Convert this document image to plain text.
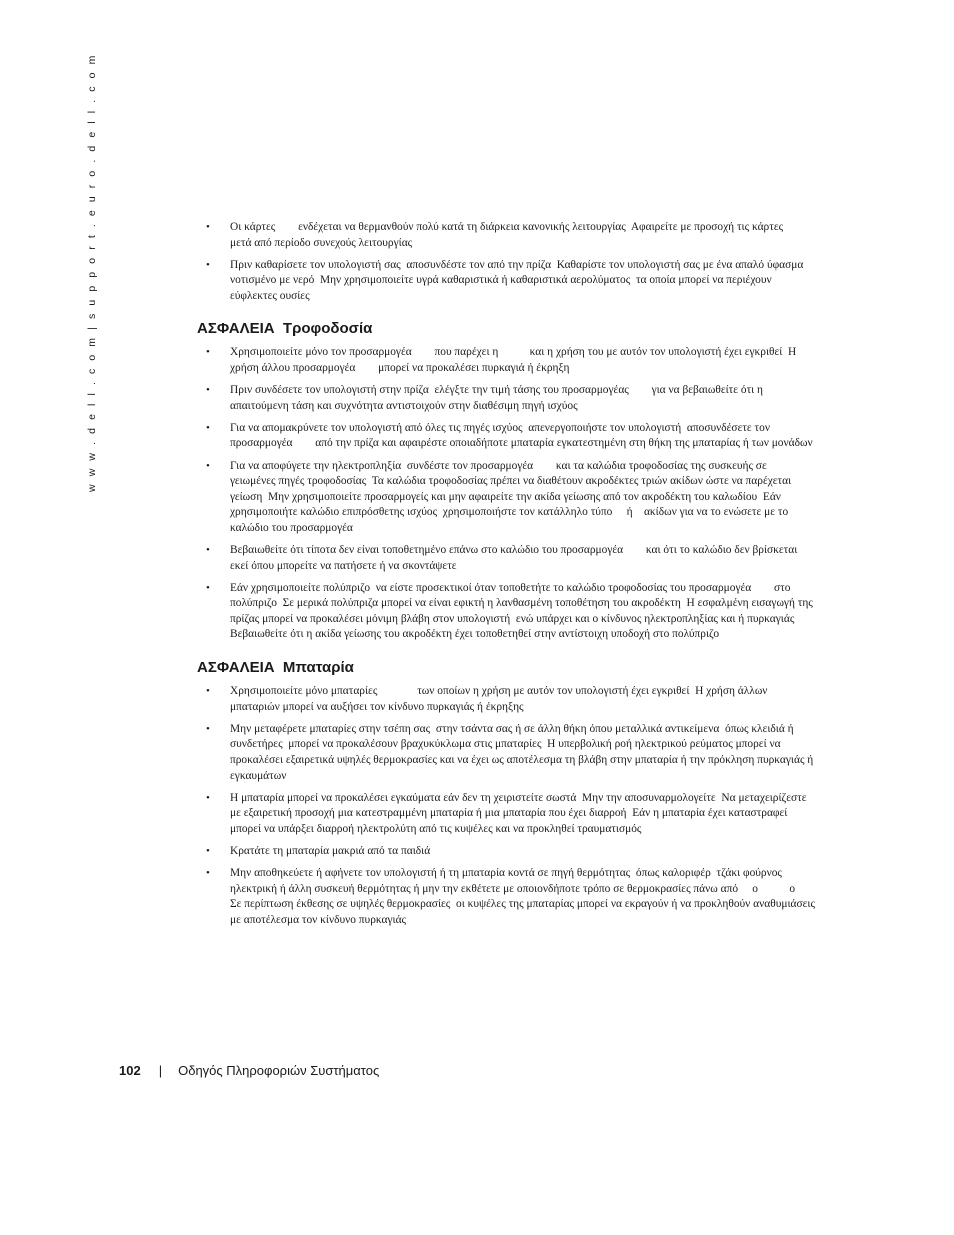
w w w . d e l l . c o m | s u p p o r t . e u r o . d e l l . c o m	• Οι κάρτες        ενδέχεται να θερμανθούν πολύ κατά τη διάρκεια κανονικής λειτουργίας  Αφαιρείτε με προσοχή τις κάρτες        μετά από περίοδο συνεχούς λειτουργίας
• Πριν καθαρίσετε τον υπολογιστή σας  αποσυνδέστε τον από την πρίζα  Καθαρίστε τον υπολογιστή σας με ένα απαλό ύφασμα  νοτισμένο με νερό  Μην χρησιμοποιείτε υγρά καθαριστικά ή καθαριστικά αερολύματος  τα οποία μπορεί να περιέχουν εύφλεκτες ουσίες
ΑΣΦΑΛΕΙΑ  Τροφοδοσία
• Χρησιμοποιείτε μόνο τον προσαρμογέα        που παρέχει η           και η χρήση του με αυτόν τον υπολογιστή έχει εγκριθεί  Η χρήση άλλου προσαρμογέα        μπορεί να προκαλέσει πυρκαγιά ή έκρηξη
• Πριν συνδέσετε τον υπολογιστή στην πρίζα  ελέγξτε την τιμή τάσης του προσαρμογέας        για να βεβαιωθείτε ότι η απαιτούμενη τάση και συχνότητα αντιστοιχούν στην διαθέσιμη πηγή ισχύος
• Για να απομακρύνετε τον υπολογιστή από όλες τις πηγές ισχύος  απενεργοποιήστε τον υπολογιστή  αποσυνδέσετε τον προσαρμογέα        από την πρίζα και αφαιρέστε οποιαδήποτε μπαταρία εγκατεστημένη στη θήκη της μπαταρίας ή των μονάδων
• Για να αποφύγετε την ηλεκτροπληξία  συνδέστε τον προσαρμογέα        και τα καλώδια τροφοδοσίας της συσκευής σε γειωμένες πηγές τροφοδοσίας  Τα καλώδια τροφοδοσίας πρέπει να διαθέτουν ακροδέκτες τριών ακίδων ώστε να παρέχεται γείωση  Μην χρησιμοποιείτε προσαρμογείς και μην αφαιρείτε την ακίδα γείωσης από τον ακροδέκτη του καλωδίου  Εάν χρησιμοποιήτε καλώδιο επιπρόσθετης ισχύος  χρησιμοποιήστε τον κατάλληλο τύπο     ή    ακίδων για να το ενώσετε με το καλώδιο του προσαρμογέα
• Βεβαιωθείτε ότι τίποτα δεν είναι τοποθετημένο επάνω στο καλώδιο του προσαρμογέα        και ότι το καλώδιο δεν βρίσκεται εκεί όπου μπορείτε να πατήσετε ή να σκοντάψετε
• Εάν χρησιμοποιείτε πολύπριζο  να είστε προσεκτικοί όταν τοποθετήτε το καλώδιο τροφοδοσίας του προσαρμογέα        στο πολύπριζο  Σε μερικά πολύπριζα μπορεί να είναι εφικτή η λανθασμένη τοποθέτηση του ακροδέκτη  Η εσφαλμένη εισαγωγή της πρίζας μπορεί να προκαλέσει μόνιμη βλάβη στον υπολογιστή  ενώ υπάρχει και ο κίνδυνος ηλεκτροπληξίας και ή πυρκαγιάς  Βεβαιωθείτε ότι η ακίδα γείωσης του ακροδέκτη έχει τοποθετηθεί στην αντίστοιχη υποδοχή στο πολύπριζο
ΑΣΦΑΛΕΙΑ  Μπαταρία
• Χρησιμοποιείτε μόνο μπαταρίες              των οποίων η χρήση με αυτόν τον υπολογιστή έχει εγκριθεί  Η χρήση άλλων μπαταριών μπορεί να αυξήσει τον κίνδυνο πυρκαγιάς ή έκρηξης
• Μην μεταφέρετε μπαταρίες στην τσέπη σας  στην τσάντα σας ή σε άλλη θήκη όπου μεταλλικά αντικείμενα  όπως κλειδιά ή συνδετήρες  μπορεί να προκαλέσουν βραχυκύκλωμα στις μπαταρίες  Η υπερβολική ροή ηλεκτρικού ρεύματος μπορεί να προκαλέσει εξαιρετικά υψηλές θερμοκρασίες και να έχει ως αποτέλεσμα τη βλάβη στην μπαταρία ή την πρόκληση πυρκαγιάς ή εγκαυμάτων
• Η μπαταρία μπορεί να προκαλέσει εγκαύματα εάν δεν τη χειριστείτε σωστά  Μην την αποσυναρμολογείτε  Να μεταχειρίζεστε με εξαιρετική προσοχή μια κατεστραμμένη μπαταρία ή μια μπαταρία που έχει διαρροή  Εάν η μπαταρία έχει καταστραφεί  μπορεί να υπάρξει διαρροή ηλεκτρολύτη από τις κυψέλες και να προκληθεί τραυματισμός
• Κρατάτε τη μπαταρία μακριά από τα παιδιά
• Μην αποθηκεύετε ή αφήνετε τον υπολογιστή ή τη μπαταρία κοντά σε πηγή θερμότητας  όπως καλοριφέρ  τζάκι φούρνος  ηλεκτρική ή άλλη συσκευή θερμότητας ή μην την εκθέτετε με οποιονδήποτε τρόπο σε θερμοκρασίες πάνω από     ο           ο       Σε περίπτωση έκθεσης σε υψηλές θερμοκρασίες  οι κυψέλες της μπαταρίας μπορεί να εκραγούν ή να προκληθούν αναθυμιάσεις με αποτέλεσμα τον κίνδυνο πυρκαγιάς
102 | Οδηγός Πληροφοριών Συστήματος
